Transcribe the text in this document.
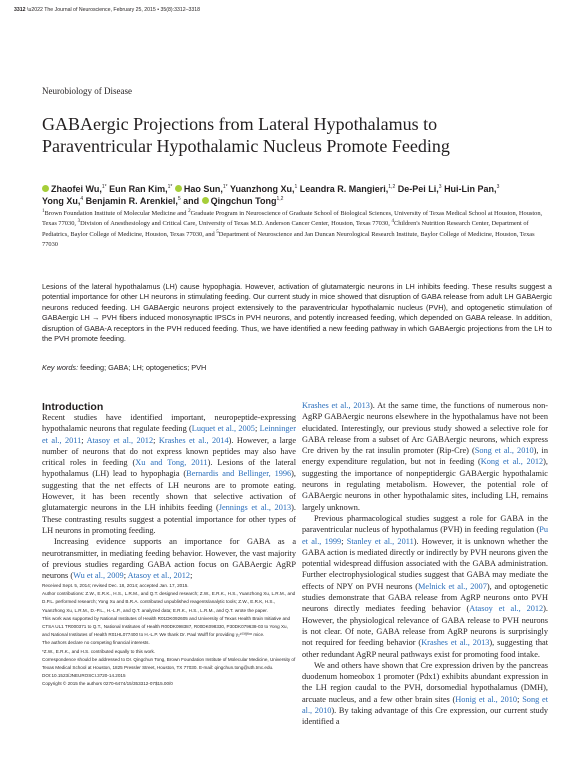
3312 \u2022 The Journal of Neuroscience, February 25, 2015 • 35(8):3312–3318
Neurobiology of Disease
GABAergic Projections from Lateral Hypothalamus to
Paraventricular Hypothalamic Nucleus Promote Feeding
Zhaofei Wu,$^{1*}$ Eun Ran Kim,$^{1*}$ Hao Sun,$^{1*}$ Yuanzhong Xu,$^1$ Leandra R. Mangieri,$^{1,2}$ De-Pei Li,$^3$ Hui-Lin Pan,$^3$
Yong Xu,$^4$ Benjamin R. Arenkiel,$^5$ and Qingchun Tong$^{1,2}$
$^1$Brown Foundation Institute of Molecular Medicine and $^2$Graduate Program in Neuroscience of Graduate School of Biological Sciences, University of Texas Medical School at Houston, Houston, Texas 77030, $^3$Division of Anesthesiology and Critical Care, University of Texas M.D. Anderson Cancer Center, Houston, Texas 77030, $^4$Children's Nutrition Research Center, Department of Pediatrics, Baylor College of Medicine, Houston, Texas 77030, and $^5$Department of Neuroscience and Jan Duncan Neurological Research Institute, Baylor College of Medicine, Houston, Texas 77030
Lesions of the lateral hypothalamus (LH) cause hypophagia. However, activation of glutamatergic neurons in LH inhibits feeding. These results suggest a potential importance for other LH neurons in stimulating feeding. Our current study in mice showed that disruption of GABA release from adult LH GABAergic neurons reduced feeding. LH GABAergic neurons project extensively to the paraventricular hypothalamic nucleus (PVH), and optogenetic stimulation of GABAergic LH → PVH fibers induced monosynaptic IPSCs in PVH neurons, and potently increased feeding, which depended on GABA release. In addition, disruption of GABA-A receptors in the PVH reduced feeding. Thus, we have identified a new feeding pathway in which GABAergic projections from the LH to the PVH promote feeding.
Key words: feeding; GABA; LH; optogenetics; PVH
Introduction

Recent studies have identified important, neuropeptide-expressing hypothalamic neurons that regulate feeding (Luquet et al., 2005; Leinninger et al., 2011; Atasoy et al., 2012; Krashes et al., 2014). However, a large number of neurons that do not express known peptides may also have critical roles in feeding (Xu and Tong, 2011). Lesions of the lateral hypothalamus (LH) lead to hypophagia (Bernardis and Bellinger, 1996), suggesting that the net effects of LH neurons are to promote eating. However, it has been recently shown that selective activation of glutamatergic neurons in the LH inhibits feeding (Jennings et al., 2013). These contrasting results suggest a potential importance for other types of LH neurons in promoting feeding.

Increasing evidence supports an importance for GABA as a neurotransmitter, in mediating feeding behavior. However, the vast majority of previous studies regarding GABA action focus on GABAergic AgRP neurons (Wu et al., 2009; Atasoy et al., 2012;

Krashes et al., 2013). At the same time, the functions of numerous non-AgRP GABAergic neurons elsewhere in the hypothalamus have not been elucidated. Interestingly, our previous study showed a selective role for GABA release from a subset of Arc GABAergic neurons, which express Cre driven by the rat insulin promoter (Rip-Cre) (Song et al., 2010), in energy expenditure regulation, but not in feeding (Kong et al., 2012), suggesting the importance of nonpeptidergic GABAergic hypothalamic neurons in regulating metabolism. However, the potential role of GABAergic neurons in other hypothalamic sites, including LH, remains largely unknown.

Previous pharmacological studies suggest a role for GABA in the paraventricular nucleus of hypothalamus (PVH) in feeding regulation (Pu et al., 1999; Stanley et al., 2011). However, it is unknown whether the GABA action is mediated directly or indirectly by PVH neurons given the potential widespread diffusion associated with the GABA administration. Further electrophysiological studies suggest that GABA may mediate the effects of NPY on PVH neurons (Melnick et al., 2007), and optogenetic studies demonstrate that GABA release from AgRP neurons onto PVH neurons directly mediates feeding behavior (Atasoy et al., 2012). However, the physiological relevance of GABA release to PVH neurons is not clear. Of note, GABA release from AgRP neurons is surprisingly not required for feeding behavior (Krashes et al., 2013), suggesting that other redundant AgRP neural pathways exist for promoting food intake.

We and others have shown that Cre expression driven by the pancreas duodenum homeobox 1 promoter (Pdx1) exhibits abundant expression in the LH region caudal to the PVH, dorsomedial hypothalamus (DMH), arcuate nucleus, and a few other brain sites (Honig et al., 2010; Song et al., 2010). By taking advantage of this Cre expression, our current study identified a

Received Sept. 5, 2014; revised Dec. 18, 2014; accepted Jan. 17, 2015.

Author contributions: Z.W., E.R.K., H.S., L.R.M., and Q.T. designed research; Z.W., E.R.K., H.S., Yuanzhong Xu, L.R.M., and D.P.L. performed research; Yong Xu and B.R.A. contributed unpublished reagents/analytic tools; Z.W., E.R.K, H.S., Yuanzhong Xu, L.R.M., D.-P.L., H.-L.P., and Q.T. analyzed data; E.R.K., H.S., L.R.M., and Q.T. wrote the paper.

This work was supported by National Institutes of Health R01DK092605 and University of Texas Health Brain Initiative and CTSA UL1 TR000371 to Q.T., National Institutes of Health R00DK098387, R00DK098330, P30DK079638-03 to Yong Xu, and National Institutes of Health R01HL077400 to H.-L.P. We thank Dr. Paul Wulff for providing γ₂¹⁰³ᶠ/ᶠˡᵒˣ mice.

The authors declare no competing financial interests.

*Z.W., E.R.K., and H.S. contributed equally to this work.

Correspondence should be addressed to Dr. Qingchun Tong, Brown Foundation Institute of Molecular Medicine, University of Texas Medical School at Houston, 1825 Pressler Street, Houston, TX 77030. E-mail: qingchun.tong@uth.tmc.edu.

DOI:10.1523/JNEUROSCI.3720-14.2015

Copyright © 2015 the authors 0270-6474/15/353312-07$15.00/0
